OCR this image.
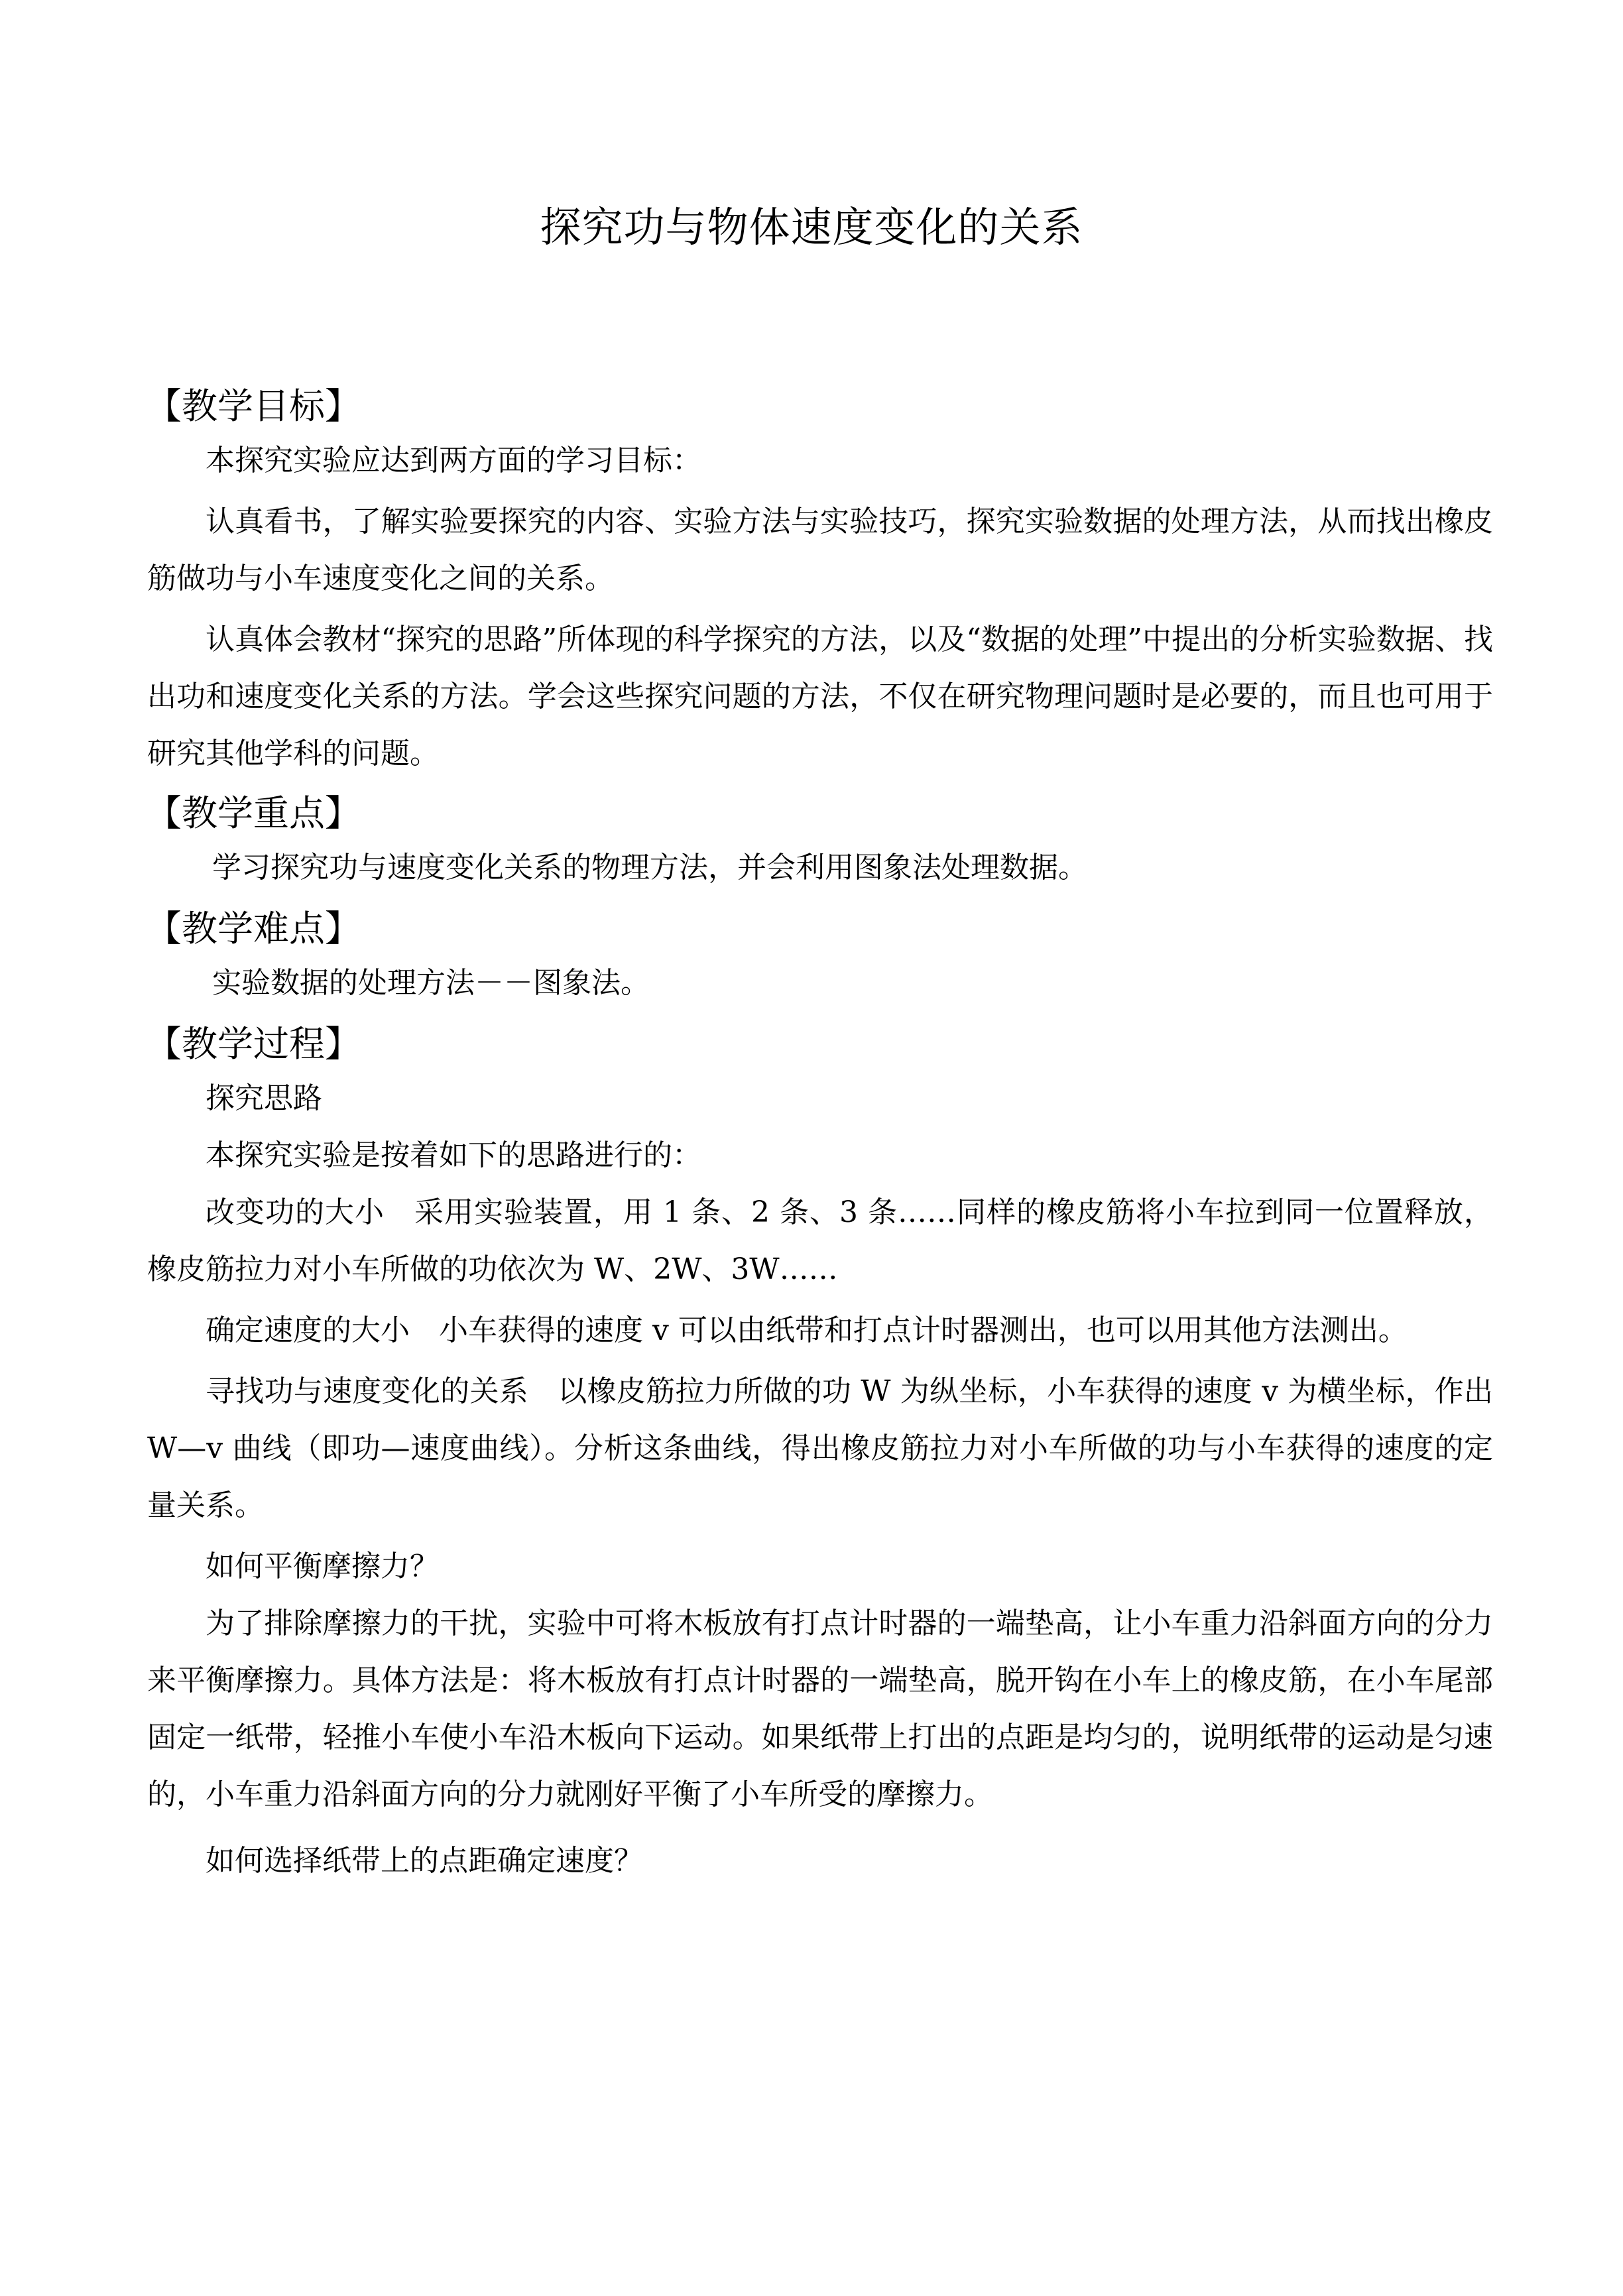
探究功与物体速度变化的关系
【教学目标】

本探究实验应达到两方面的学习目标：

认真看书，了解实验要探究的内容、实验方法与实验技巧，探究实验数据的处理方法，从而找出橡皮筋做功与小车速度变化之间的关系。

认真体会教材“探究的思路”所体现的科学探究的方法，以及“数据的处理”中提出的分析实验数据、找出功和速度变化关系的方法。学会这些探究问题的方法，不仅在研究物理问题时是必要的，而且也可用于研究其他学科的问题。

【教学重点】

学习探究功与速度变化关系的物理方法，并会利用图象法处理数据。

【教学难点】

实验数据的处理方法－－图象法。

【教学过程】

探究思路

本探究实验是按着如下的思路进行的：

改变功的大小　采用实验装置，用 1 条、2 条、3 条……同样的橡皮筋将小车拉到同一位置释放，橡皮筋拉力对小车所做的功依次为 W、2W、3W……

确定速度的大小　小车获得的速度 v 可以由纸带和打点计时器测出，也可以用其他方法测出。

寻找功与速度变化的关系　以橡皮筋拉力所做的功 W 为纵坐标，小车获得的速度 v 为横坐标，作出 W—v 曲线（即功—速度曲线）。分析这条曲线，得出橡皮筋拉力对小车所做的功与小车获得的速度的定量关系。

如何平衡摩擦力？

为了排除摩擦力的干扰，实验中可将木板放有打点计时器的一端垫高，让小车重力沿斜面方向的分力来平衡摩擦力。具体方法是：将木板放有打点计时器的一端垫高，脱开钩在小车上的橡皮筋，在小车尾部固定一纸带，轻推小车使小车沿木板向下运动。如果纸带上打出的点距是均匀的，说明纸带的运动是匀速的，小车重力沿斜面方向的分力就刚好平衡了小车所受的摩擦力。

如何选择纸带上的点距确定速度？
